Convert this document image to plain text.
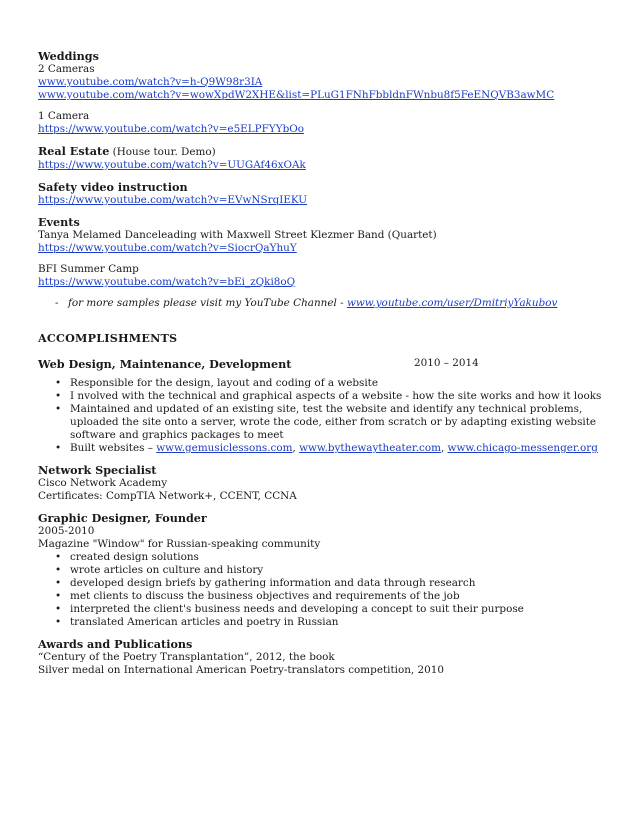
Weddings
2 Cameras
www.youtube.com/watch?v=h-Q9W98r3IA
www.youtube.com/watch?v=wowXpdW2XHE&list=PLuG1FNhFbbldnFWnbu8f5FeENQVB3awMC
1 Camera
https://www.youtube.com/watch?v=e5ELPFYYbOo
Real Estate (House tour. Demo)
https://www.youtube.com/watch?v=UUGAf46xOAk
Safety video instruction
https://www.youtube.com/watch?v=EVwNSrqIEKU
Events
Tanya Melamed Danceleading with Maxwell Street Klezmer Band (Quartet)
https://www.youtube.com/watch?v=SiocrQaYhuY
BFI Summer Camp
https://www.youtube.com/watch?v=bEi_zQki8oQ
- for more samples please visit my YouTube Channel - www.youtube.com/user/DmitriyYakubov
ACCOMPLISHMENTS
Web Design, Maintenance, Development	2010 – 2014
• Responsible for the design, layout and coding of a website
• I nvolved with the technical and graphical aspects of a website - how the site works and how it looks
• Maintained and updated of an existing site, test the website and identify any technical problems,
uploaded the site onto a server, wrote the code, either from scratch or by adapting existing website
software and graphics packages to meet
• Built websites – www.gemusiclessons.com, www.bythewaytheater.com, www.chicago-messenger.org
Network Specialist
Cisco Network Academy
Certificates: CompTIA Network+, CCENT, CCNA
Graphic Designer, Founder
2005-2010
Magazine "Window" for Russian-speaking community
• created design solutions
• wrote articles on culture and history
• developed design briefs by gathering information and data through research
• met clients to discuss the business objectives and requirements of the job
• interpreted the client's business needs and developing a concept to suit their purpose
• translated American articles and poetry in Russian
Awards and Publications
“Century of the Poetry Transplantation”, 2012, the book
Silver medal on International American Poetry-translators competition, 2010
